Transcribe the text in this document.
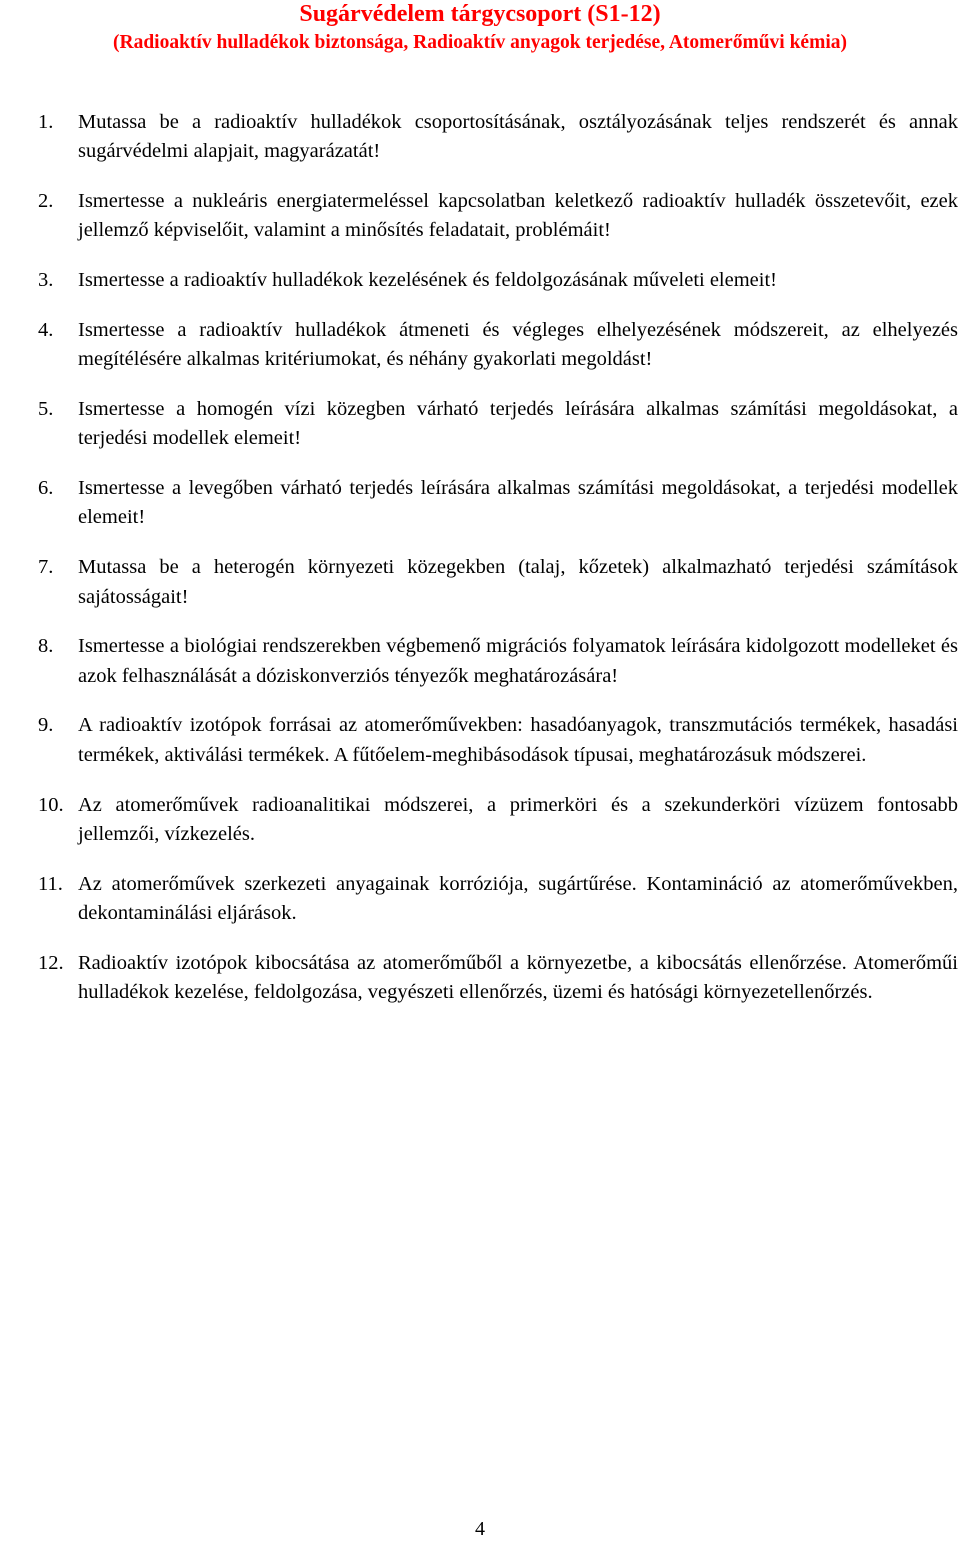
Sugárvédelem tárgycsoport (S1-12)
(Radioaktív hulladékok biztonsága, Radioaktív anyagok terjedése, Atomerőművi kémia)
1.	Mutassa be a radioaktív hulladékok csoportosításának, osztályozásának teljes rendszerét és annak sugárvédelmi alapjait, magyarázatát!
2.	Ismertesse a nukleáris energiatermeléssel kapcsolatban keletkező radioaktív hulladék összetevőit, ezek jellemző képviselőit, valamint a minősítés feladatait, problémáit!
3.	Ismertesse a radioaktív hulladékok kezelésének és feldolgozásának műveleti elemeit!
4.	Ismertesse a radioaktív hulladékok átmeneti és végleges elhelyezésének módszereit, az elhelyezés megítélésére alkalmas kritériumokat, és néhány gyakorlati megoldást!
5.	Ismertesse a homogén vízi közegben várható terjedés leírására alkalmas számítási megoldásokat, a terjedési modellek elemeit!
6.	Ismertesse a levegőben várható terjedés leírására alkalmas számítási megoldásokat, a terjedési modellek elemeit!
7.	Mutassa be a heterogén környezeti közegekben (talaj, kőzetek) alkalmazható terjedési számítások sajátosságait!
8.	Ismertesse a biológiai rendszerekben végbemenő migrációs folyamatok leírására kidolgozott modelleket és azok felhasználását a dóziskonverziós tényezők meghatározására!
9.	A radioaktív izotópok forrásai az atomerőművekben: hasadóanyagok, transzmutációs termékek, hasadási termékek, aktiválási termékek. A fűtőelem-meghibásodások típusai, meghatározásuk módszerei.
10. Az atomerőművek radioanalitikai módszerei, a primerköri és a szekunderköri vízüzem fontosabb jellemzői, vízkezelés.
11. Az atomerőművek szerkezeti anyagainak korróziója, sugártűrése. Kontamináció az atomerőművekben, dekontaminálási eljárások.
12. Radioaktív izotópok kibocsátása az atomerőműből a környezetbe, a kibocsátás ellenőrzése. Atomerőműi hulladékok kezelése, feldolgozása, vegyészeti ellenőrzés, üzemi és hatósági környezetellenőrzés.
4
